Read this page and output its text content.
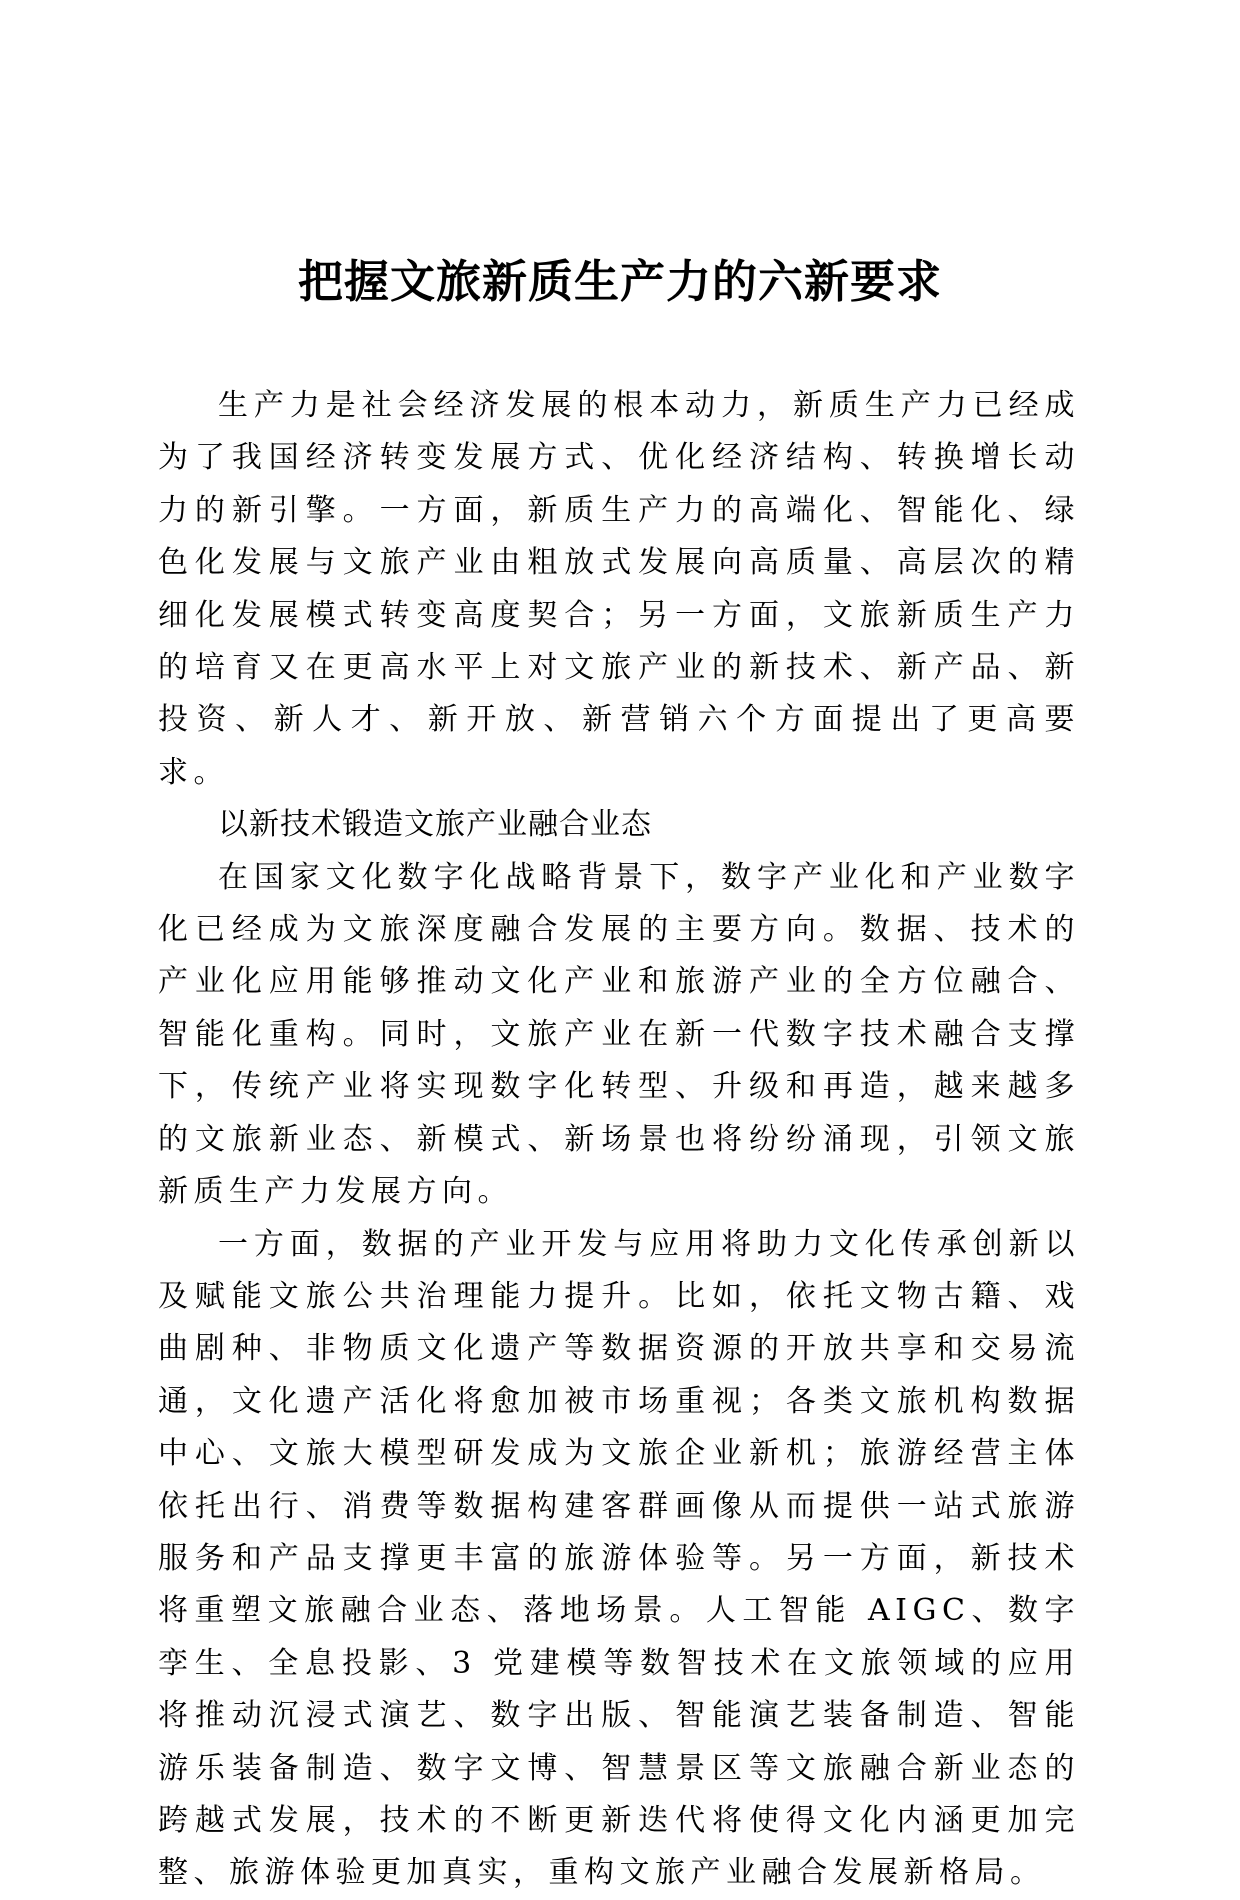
把握文旅新质生产力的六新要求

生产力是社会经济发展的根本动力，新质生产力已经成为了我国经济转变发展方式、优化经济结构、转换增长动力的新引擎。一方面，新质生产力的高端化、智能化、绿色化发展与文旅产业由粗放式发展向高质量、高层次的精细化发展模式转变高度契合；另一方面，文旅新质生产力的培育又在更高水平上对文旅产业的新技术、新产品、新投资、新人才、新开放、新营销六个方面提出了更高要求。

以新技术锻造文旅产业融合业态

在国家文化数字化战略背景下，数字产业化和产业数字化已经成为文旅深度融合发展的主要方向。数据、技术的产业化应用能够推动文化产业和旅游产业的全方位融合、智能化重构。同时，文旅产业在新一代数字技术融合支撑下，传统产业将实现数字化转型、升级和再造，越来越多的文旅新业态、新模式、新场景也将纷纷涌现，引领文旅新质生产力发展方向。

一方面，数据的产业开发与应用将助力文化传承创新以及赋能文旅公共治理能力提升。比如，依托文物古籍、戏曲剧种、非物质文化遗产等数据资源的开放共享和交易流通，文化遗产活化将愈加被市场重视；各类文旅机构数据中心、文旅大模型研发成为文旅企业新机；旅游经营主体依托出行、消费等数据构建客群画像从而提供一站式旅游服务和产品支撑更丰富的旅游体验等。另一方面，新技术将重塑文旅融合业态、落地场景。人工智能 AIGC、数字孪生、全息投影、3 党建模等数智技术在文旅领域的应用将推动沉浸式演艺、数字出版、智能演艺装备制造、智能游乐装备制造、数字文博、智慧景区等文旅融合新业态的跨越式发展，技术的不断更新迭代将使得文化内涵更加完整、旅游体验更加真实，重构文旅产业融合发展新格局。
